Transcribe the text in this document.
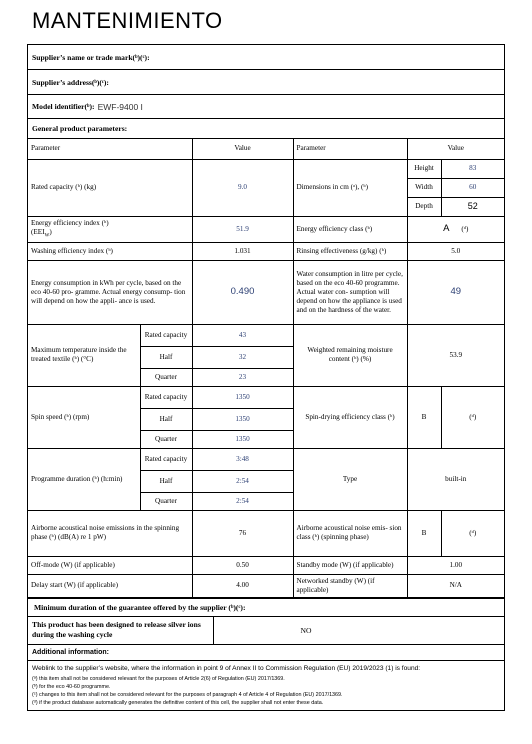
MANTENIMIENTO
Supplier’s name or trade mark(ᵇ)(ᶜ):
Supplier’s address(ᵇ)(ᶜ):
Model identifier(ᵇ): EWF-9400 I
General product parameters:
Parameter		Value	Parameter	Value	
Rated capacity (ᵇ) (kg)		9.0	Dimensions in cm (ᵃ), (ᵇ)	Height	83
				Width	60
				Depth	52
Energy efficiency index (ᵇ)
$(EEI_W)$		51.9	Energy efficiency class (ᵇ)	A (ᵈ)	
Washing efficiency index (ᵇ)		1.031	Rinsing effectiveness (g/kg) (ᵇ)	5.0	
Energy consumption in kWh per cycle, based on the eco 40-60 pro- gramme. Actual energy consump- tion will depend on how the appli- ance is used.		0.490	Water consumption in litre per cycle, based on the eco 40-60 programme. Actual water con- sumption will depend on how the appliance is used and on the hardness of the water.	49	
Maximum temperature inside the treated textile (ᵇ) (°C)	Rated capacity	43	Weighted remaining moisture content (ᵇ) (%)	53.9	
	Half	32			
	Quarter	23			
Spin speed (ᵇ) (rpm)	Rated capacity	1350	Spin-drying efficiency class (ᵇ)	B	(ᵈ)
	Half	1350			
	Quarter	1350			
Programme duration (ᵇ) (h:min)	Rated capacity	3:48	Type	built-in	
	Half	2:54			
	Quarter	2:54			
Airborne acoustical noise emissions in the spinning phase (ᵇ) (dB(A) re 1 pW)		76	Airborne acoustical noise emis- sion class (ᵇ) (spinning phase)	B	(ᵈ)
Off-mode (W) (if applicable)		0.50	Standby mode (W) (if applicable)	1.00	
Delay start (W) (if applicable)		4.00	Networked standby (W) (if applicable)	N/A	
Minimum duration of the guarantee offered by the supplier (ᵇ)(ᶜ):
This product has been designed to release silver ions during the washing cycle	NO
Additional information:
Weblink to the supplier’s website, where the information in point 9 of Annex II to Commission Regulation (EU) 2019/2023 (1) is found:
(ᵃ) this item shall not be considered relevant for the purposes of Article 2(6) of Regulation (EU) 2017/1369.
(ᵇ) for the eco 40-60 programme.
(ᶜ) changes to this item shall not be considered relevant for the purposes of paragraph 4 of Article 4 of Regulation (EU) 2017/1369.
(ᵈ) if the product database automatically generates the definitive content of this cell, the supplier shall not enter these data.
